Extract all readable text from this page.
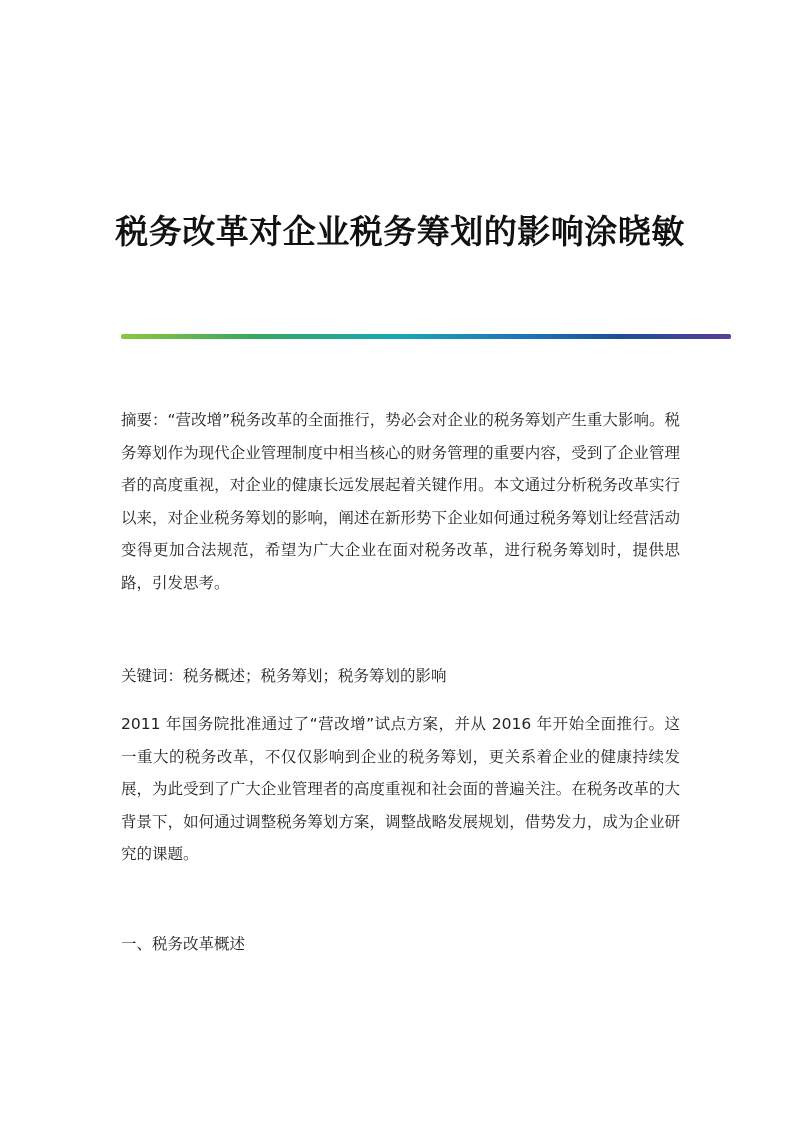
税务改革对企业税务筹划的影响涂晓敏

摘要：“营改增”税务改革的全面推行，势必会对企业的税务筹划产生重大影响。税务筹划作为现代企业管理制度中相当核心的财务管理的重要内容，受到了企业管理者的高度重视，对企业的健康长远发展起着关键作用。本文通过分析税务改革实行以来，对企业税务筹划的影响，阐述在新形势下企业如何通过税务筹划让经营活动变得更加合法规范，希望为广大企业在面对税务改革，进行税务筹划时，提供思路，引发思考。

关键词：税务概述；税务筹划；税务筹划的影响

2011 年国务院批准通过了“营改增”试点方案，并从 2016 年开始全面推行。这一重大的税务改革，不仅仅影响到企业的税务筹划，更关系着企业的健康持续发展，为此受到了广大企业管理者的高度重视和社会面的普遍关注。在税务改革的大背景下，如何通过调整税务筹划方案，调整战略发展规划，借势发力，成为企业研究的课题。

一、税务改革概述
